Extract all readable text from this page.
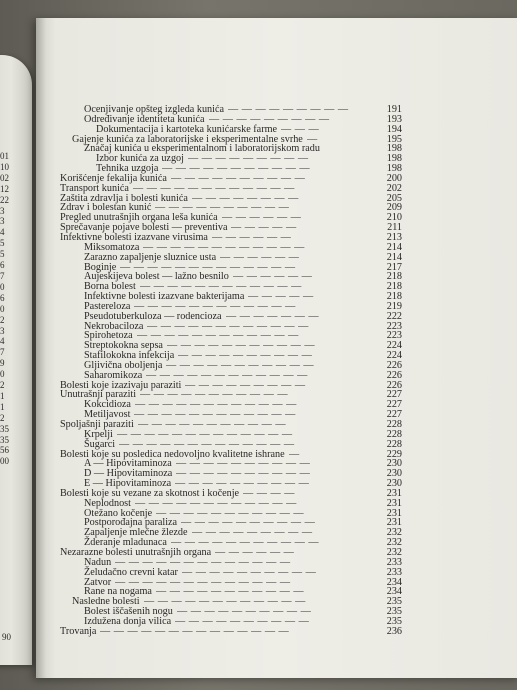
01
10
02
12
22
3
3
4
5
5
6
7
0
6
0
2
3
4
7
9
0
2
1
1
2
35
35
56
00
90
Ocenjivanje opšteg izgleda kunića — — — — — — — — —	191
Određivanje identiteta kunića — — — — — — — — —	193
Dokumentacija i kartoteka kunićarske farme — — —	194
Gajenje kunića za laboratorijske i eksperimentalne svrhe —	195
Značaj kunića u eksperimentalnom i laboratorijskom radu	198
Izbor kunića za uzgoj — — — — — — — — —	198
Tehnika uzgoja — — — — — — — — — — —	198
Korišćenje fekalija kunića — — — — — — — — — —	200
Transport kunića — — — — — — — — — — — —	202
Zaštita zdravlja i bolesti kunića — — — — — — — —	205
Zdrav i bolestan kunić — — — — — — — — — —	209
Pregled unutrašnjih organa leša kunića — — — — — —	210
Sprečavanje pojave bolesti — preventiva — — — — —	211
Infektivne bolesti izazvane virusima — — — — — —	213
Miksomatoza — — — — — — — — — — — —	214
Zarazno zapaljenje sluznice usta — — — — — —	214
Boginje — — — — — — — — — — — — —	217
Aujeskijeva bolest — lažno besnilo — — — — — —	218
Borna bolest — — — — — — — — — — — —	218
Infektivne bolesti izazvane bakterijama — — — — —	218
Pastereloza — — — — — — — — — — — —	219
Pseudotuberkuloza — rodencioza — — — — — — —	222
Nekrobaciloza — — — — — — — — — — — —	223
Spirohetoza — — — — — — — — — — — —	223
Streptokokna sepsa — — — — — — — — — — —	224
Stafilokokna infekcija — — — — — — — — — —	224
Gljivična oboljenja — — — — — — — — — — —	226
Saharomikoza — — — — — — — — — — — —	226
Bolesti koje izazivaju paraziti — — — — — — — — —	226
Unutrašnji paraziti — — — — — — — — — — —	227
Kokcidioza — — — — — — — — — — — —	227
Metiljavost — — — — — — — — — — — —	227
Spoljašnji paraziti — — — — — — — — — — —	228
Krpelji — — — — — — — — — — — — —	228
Šugarci — — — — — — — — — — — — —	228
Bolesti koje su posledica nedovoljno kvalitetne ishrane —	229
A — Hipovitaminoza — — — — — — — — — —	230
D — Hipovitaminoza — — — — — — — — — —	230
E — Hipovitaminoza — — — — — — — — — —	230
Bolesti koje su vezane za skotnost i kočenje — — — —	231
Neplodnost — — — — — — — — — — — —	231
Otežano kočenje — — — — — — — — — — —	231
Postporođajna paraliza — — — — — — — — — —	231
Zapaljenje mlečne žlezde — — — — — — — — —	232
Žderanje mladunaca — — — — — — — — — — —	232
Nezarazne bolesti unutrašnjih organa — — — — — —	232
Nadun — — — — — — — — — — — — —	233
Želudačno crevni katar — — — — — — — — — —	233
Zatvor — — — — — — — — — — — — —	234
Rane na nogama — — — — — — — — — — —	234
Nasledne bolesti — — — — — — — — — — — —	235
Bolest iščašenih nogu — — — — — — — — — —	235
Izdužena donja vilica — — — — — — — — — —	235
Trovanja — — — — — — — — — — — — — —	236
